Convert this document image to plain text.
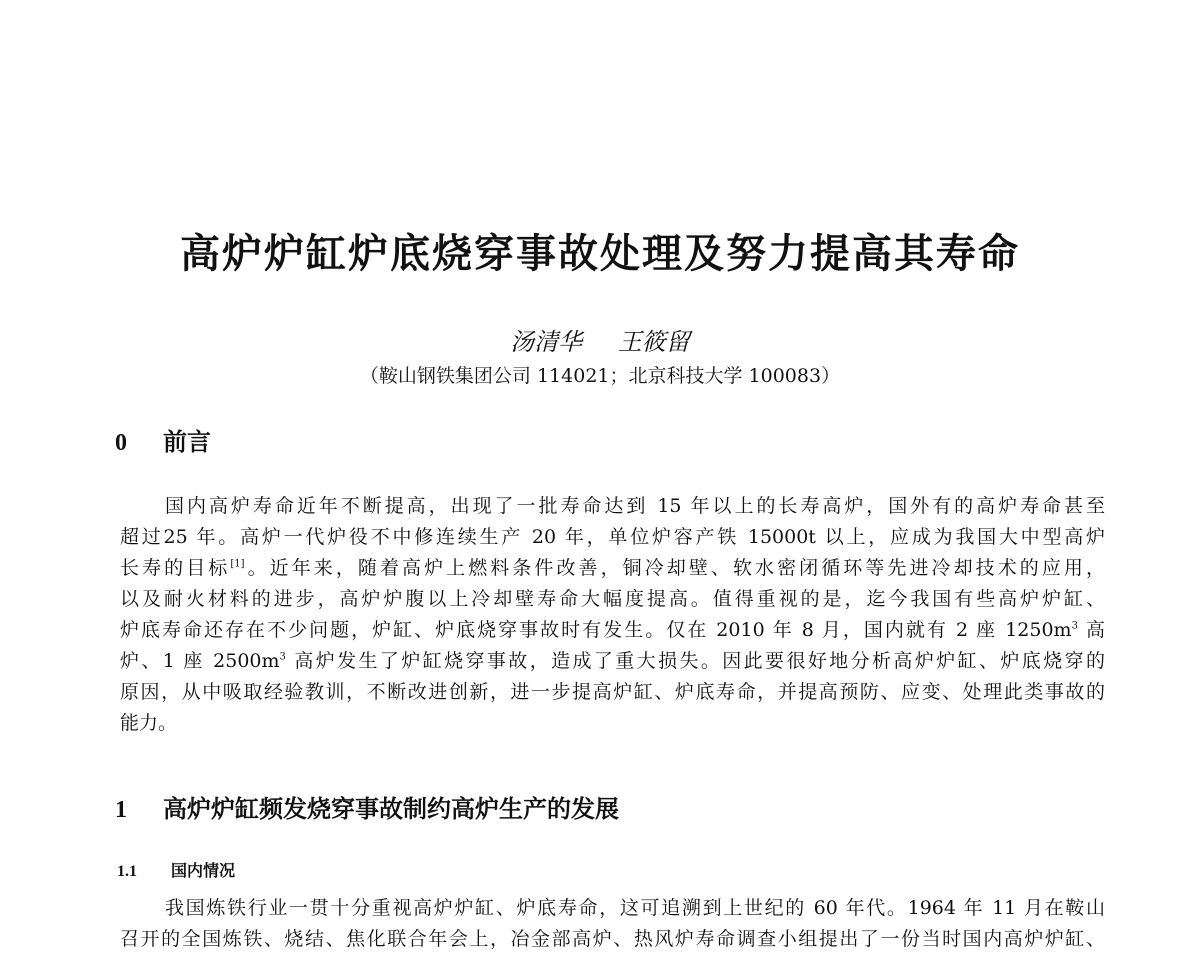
高炉炉缸炉底烧穿事故处理及努力提高其寿命
汤清华 王筱留
（鞍山钢铁集团公司 114021；北京科技大学 100083）
0 前言
国内高炉寿命近年不断提高，出现了一批寿命达到 15 年以上的长寿高炉，国外有的高炉寿命甚至
超过25 年。高炉一代炉役不中修连续生产 20 年，单位炉容产铁 15000t 以上，应成为我国大中型高炉
长寿的目标[1]。近年来，随着高炉上燃料条件改善，铜冷却壁、软水密闭循环等先进冷却技术的应用，
以及耐火材料的进步，高炉炉腹以上冷却壁寿命大幅度提高。值得重视的是，迄今我国有些高炉炉缸、
炉底寿命还存在不少问题，炉缸、炉底烧穿事故时有发生。仅在 2010 年 8 月，国内就有 2 座 $1250m^3$ 高
炉、1 座 $2500m^3$ 高炉发生了炉缸烧穿事故，造成了重大损失。因此要很好地分析高炉炉缸、炉底烧穿的
原因，从中吸取经验教训，不断改进创新，进一步提高炉缸、炉底寿命，并提高预防、应变、处理此类事故的
能力。
1 高炉炉缸频发烧穿事故制约高炉生产的发展
1.1 国内情况
我国炼铁行业一贯十分重视高炉炉缸、炉底寿命，这可追溯到上世纪的 60 年代。1964 年 11 月在鞍山
召开的全国炼铁、烧结、焦化联合年会上，冶金部高炉、热风炉寿命调查小组提出了一份当时国内高炉炉缸、
